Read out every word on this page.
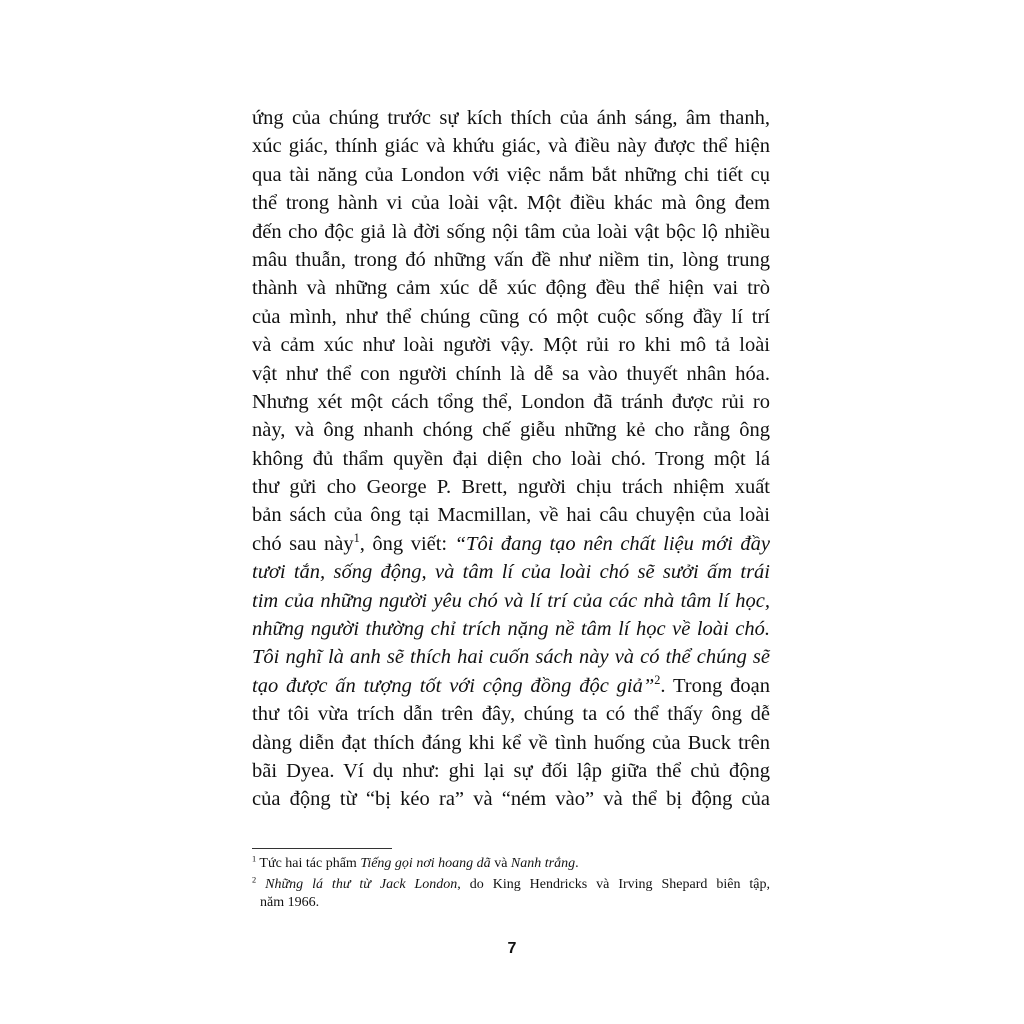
ứng của chúng trước sự kích thích của ánh sáng, âm thanh,
xúc giác, thính giác và khứu giác, và điều này được thể hiện
qua tài năng của London với việc nắm bắt những chi tiết cụ
thể trong hành vi của loài vật. Một điều khác mà ông đem
đến cho độc giả là đời sống nội tâm của loài vật bộc lộ nhiều
mâu thuẫn, trong đó những vấn đề như niềm tin, lòng trung
thành và những cảm xúc dễ xúc động đều thể hiện vai trò
của mình, như thể chúng cũng có một cuộc sống đầy lí trí
và cảm xúc như loài người vậy. Một rủi ro khi mô tả loài
vật như thể con người chính là dễ sa vào thuyết nhân hóa.
Nhưng xét một cách tổng thể, London đã tránh được rủi ro
này, và ông nhanh chóng chế giễu những kẻ cho rằng ông
không đủ thẩm quyền đại diện cho loài chó. Trong một lá
thư gửi cho George P. Brett, người chịu trách nhiệm xuất
bản sách của ông tại Macmillan, về hai câu chuyện của loài
chó sau này$^1$, ông viết: “Tôi đang tạo nên chất liệu mới đầy
tươi tắn, sống động, và tâm lí của loài chó sẽ sưởi ấm trái
tim của những người yêu chó và lí trí của các nhà tâm lí học,
những người thường chỉ trích nặng nề tâm lí học về loài chó.
Tôi nghĩ là anh sẽ thích hai cuốn sách này và có thể chúng sẽ
tạo được ấn tượng tốt với cộng đồng độc giả”$^2$. Trong đoạn
thư tôi vừa trích dẫn trên đây, chúng ta có thể thấy ông dễ
dàng diễn đạt thích đáng khi kể về tình huống của Buck trên
bãi Dyea. Ví dụ như: ghi lại sự đối lập giữa thể chủ động
của động từ “bị kéo ra” và “ném vào” và thể bị động của
$^1$ Tức hai tác phẩm Tiếng gọi nơi hoang dã và Nanh trắng.
$^2$ Những lá thư từ Jack London, do King Hendricks và Irving Shepard biên tập,
năm 1966.
7
